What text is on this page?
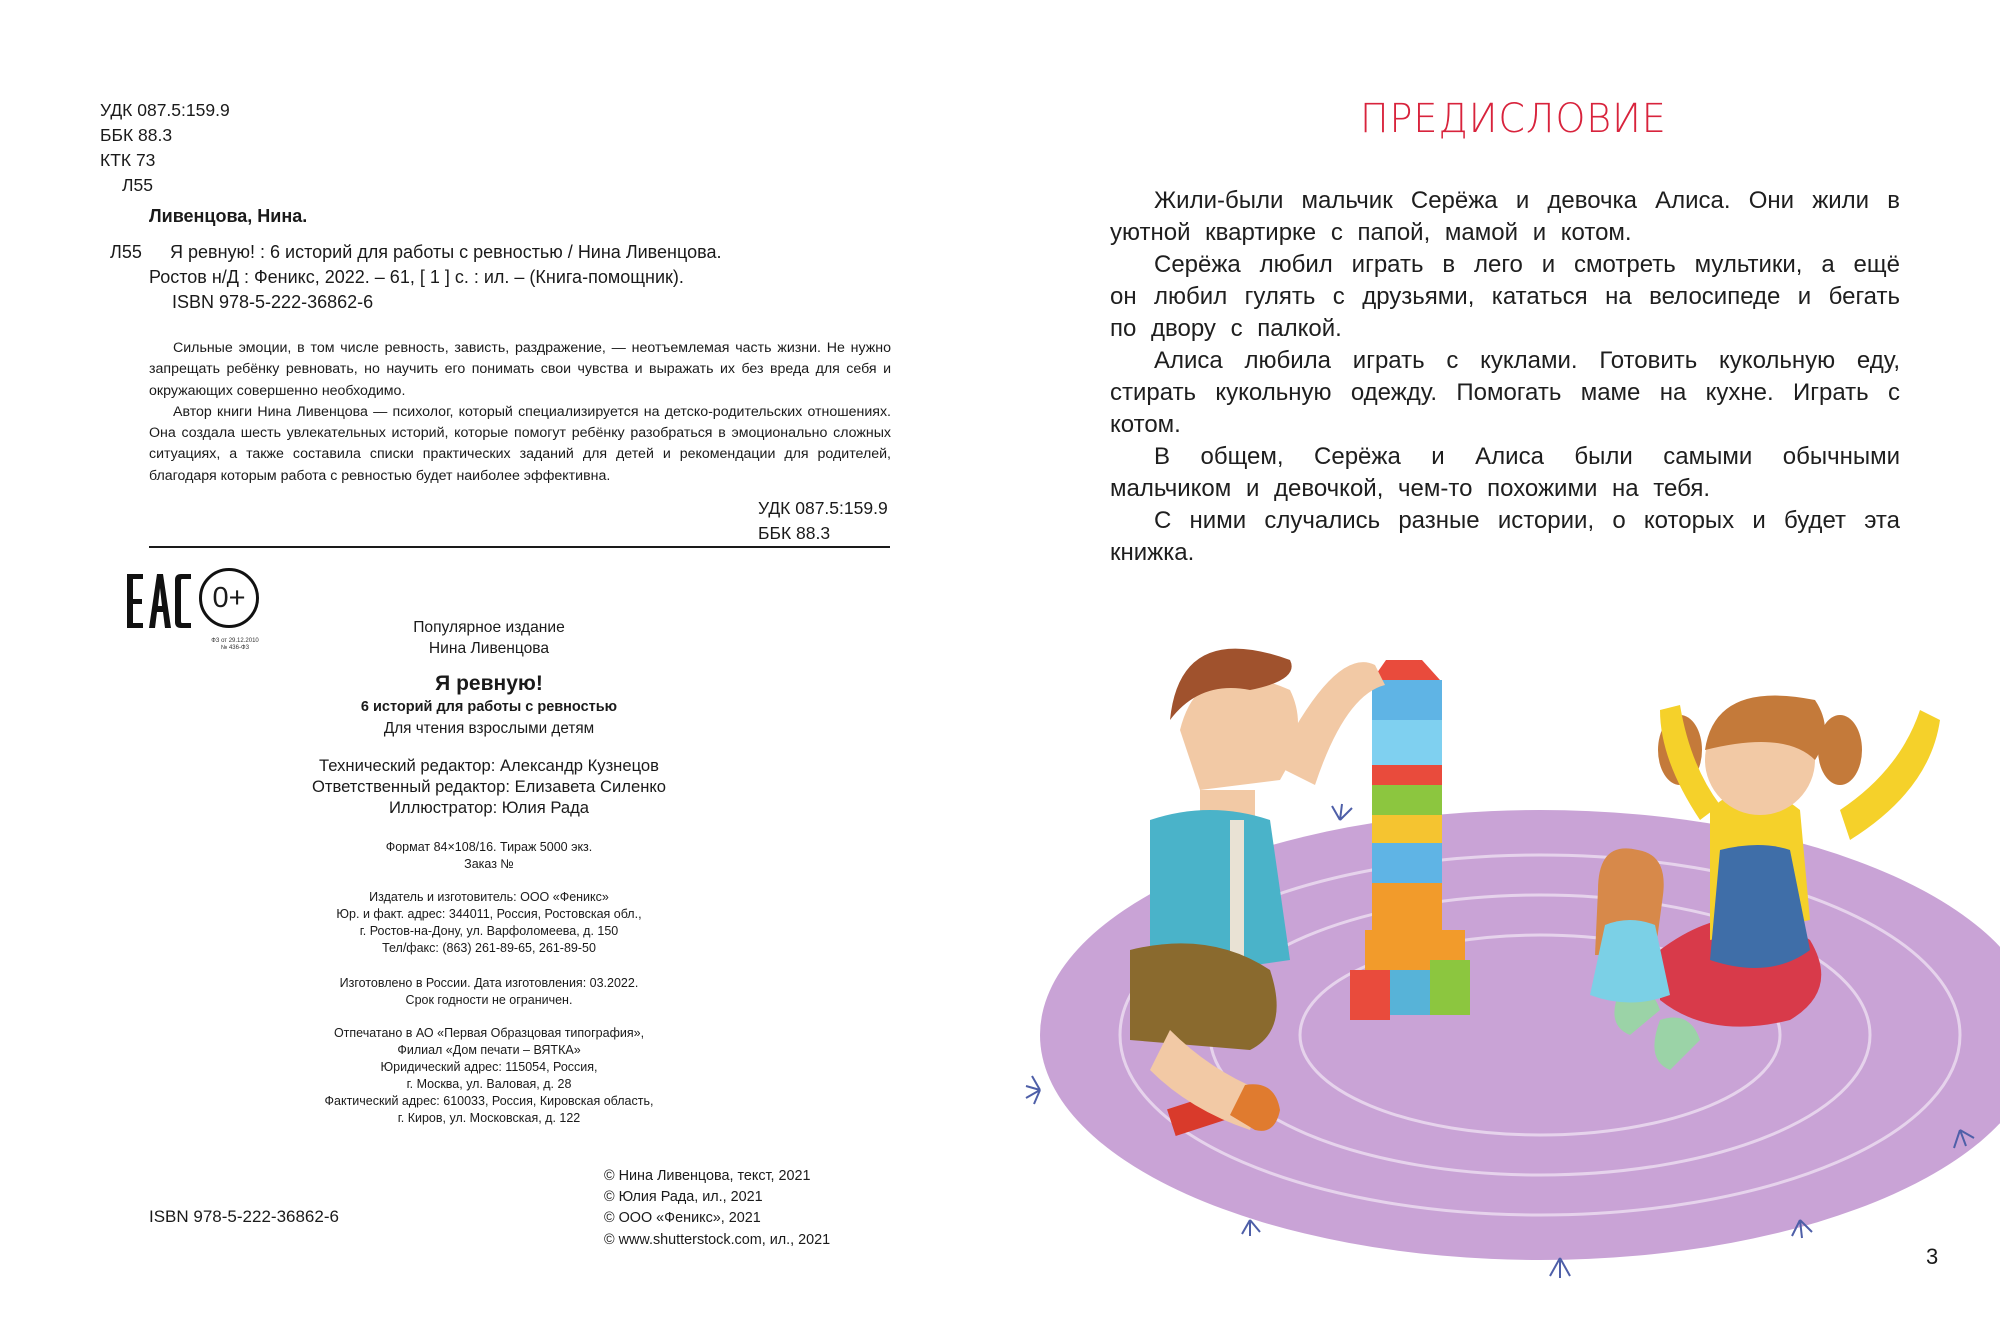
УДК 087.5:159.9
ББК 88.3
КТК 73
Л55
Ливенцова, Нина.
Л55 Я ревную! : 6 историй для работы с ревностью / Нина Ливенцова.
Ростов н/Д : Феникс, 2022. – 61, [ 1 ] с. : ил. – (Книга-помощник).
ISBN 978-5-222-36862-6

Сильные эмоции, в том числе ревность, зависть, раздражение, — неотъемлемая часть жизни. Не нужно запрещать ребёнку ревновать, но научить его понимать свои чувства и выражать их без вреда для себя и окружающих совершенно необходимо.

Автор книги Нина Ливенцова — психолог, который специализируется на детско-родительских отношениях. Она создала шесть увлекательных историй, которые помогут ребёнку разобраться в эмоционально сложных ситуациях, а также составила списки практических заданий для детей и рекомендации для родителей, благодаря которым работа с ревностью будет наиболее эффективна.

УДК 087.5:159.9
ББК 88.3
0+
ФЗ от 29.12.2010
№ 436-ФЗ
Популярное издание
Нина Ливенцова
Я ревную!
6 историй для работы с ревностью
Для чтения взрослыми детям
Технический редактор: Александр Кузнецов
Ответственный редактор: Елизавета Силенко
Иллюстратор: Юлия Рада
Формат 84×108/16. Тираж 5000 экз.
Заказ №
Издатель и изготовитель: ООО «Феникс»
Юр. и факт. адрес: 344011, Россия, Ростовская обл.,
г. Ростов-на-Дону, ул. Варфоломеева, д. 150
Тел/факс: (863) 261-89-65, 261-89-50
Изготовлено в России. Дата изготовления: 03.2022.
Срок годности не ограничен.
Отпечатано в АО «Первая Образцовая типография»,
Филиал «Дом печати – ВЯТКА»
Юридический адрес: 115054, Россия,
г. Москва, ул. Валовая, д. 28
Фактический адрес: 610033, Россия, Кировская область,
г. Киров, ул. Московская, д. 122
ISBN 978-5-222-36862-6
© Нина Ливенцова, текст, 2021
© Юлия Рада, ил., 2021
© ООО «Феникс», 2021
© www.shutterstock.com, ил., 2021
ПРЕДИСЛОВИЕ

Жили-были мальчик Серёжа и девочка Алиса. Они жили в уютной квартирке с папой, мамой и котом.

Серёжа любил играть в лего и смотреть мультики, а ещё он любил гулять с друзьями, кататься на велосипеде и бегать по двору с палкой.

Алиса любила играть с куклами. Готовить кукольную еду, стирать кукольную одежду. Помогать маме на кухне. Играть с котом.

В общем, Серёжа и Алиса были самыми обычными мальчиком и девочкой, чем-то похожими на тебя.

С ними случались разные истории, о которых и будет эта книжка.

3
